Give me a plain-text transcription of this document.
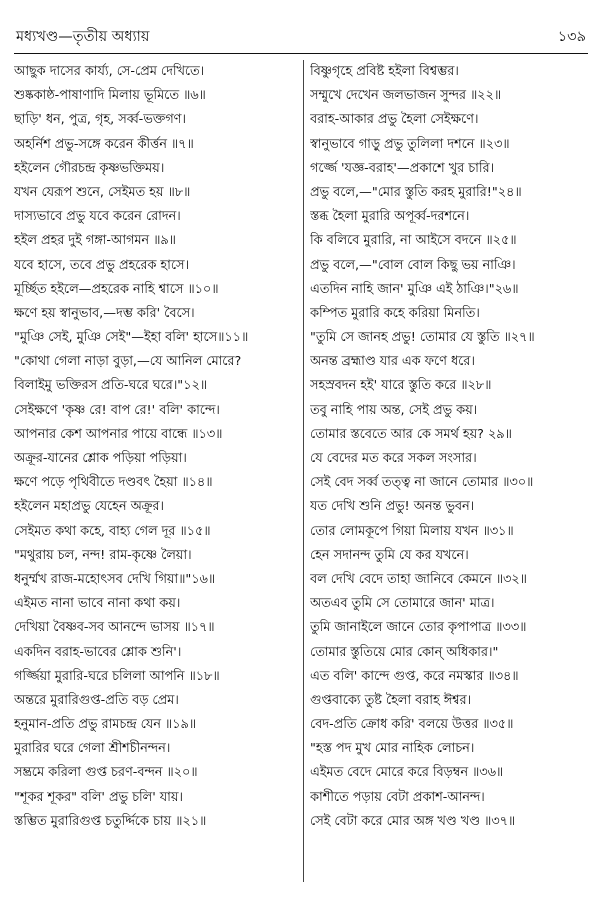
মধ্যখণ্ড—তৃতীয় অধ্যায়	১৩৯
আছুক দাসের কার্য্য, সে-প্রেম দেখিতে।
শুষ্ককাষ্ঠ-পাষাণাদি মিলায় ভূমিতে ॥৬॥
ছাড়ি' ধন, পুত্র, গৃহ, সর্ব্ব-ভক্তগণ।
অহর্নিশ প্রভু-সঙ্গে করেন কীর্ত্তন ॥৭॥
হইলেন গৌরচন্দ্র কৃষ্ণভক্তিময়।
যখন যেরূপ শুনে, সেইমত হয় ॥৮॥
দাস্যভাবে প্রভু যবে করেন রোদন।
হইল প্রহর দুই গঙ্গা-আগমন ॥৯॥
যবে হাসে, তবে প্রভু প্রহরেক হাসে।
মূর্চ্ছিত হইলে—প্রহরেক নাহি শ্বাসে ॥১০॥
ক্ষণে হয় স্বানুভাব,—দম্ভ করি' বৈসে।
"মুঞি সেই, মুঞি সেই"—ইহা বলি' হাসে॥১১॥
"কোথা গেলা নাড়া বুড়া,—যে আনিল মোরে?
বিলাইমু ভক্তিরস প্রতি-ঘরে ঘরে।"১২॥
সেইক্ষণে 'কৃষ্ণ রে! বাপ রে!' বলি' কান্দে।
আপনার কেশ আপনার পায়ে বান্ধে ॥১৩॥
অক্রূর-যানের শ্লোক পড়িয়া পড়িয়া।
ক্ষণে পড়ে পৃথিবীতে দণ্ডবৎ হৈয়া ॥১৪॥
হইলেন মহাপ্রভু যেহেন অক্রূর।
সেইমত কথা কহে, বাহ্য গেল দূর ॥১৫॥
"মথুরায় চল, নন্দ! রাম-কৃষ্ণে লৈয়া।
ধনুর্ম্মখ রাজ-মহোৎসব দেখি গিয়া॥"১৬॥
এইমত নানা ভাবে নানা কথা কয়।
দেখিয়া বৈষ্ণব-সব আনন্দে ভাসয় ॥১৭॥
একদিন বরাহ-ভাবের শ্লোক শুনি'।
গর্জ্জিয়া মুরারি-ঘরে চলিলা আপনি ॥১৮॥
অন্তরে মুরারিগুপ্ত-প্রতি বড় প্রেম।
হনুমান-প্রতি প্রভু রামচন্দ্র যেন ॥১৯॥
মুরারির ঘরে গেলা শ্রীশচীনন্দন।
সম্ভ্রমে করিলা গুপ্ত চরণ-বন্দন ॥২০॥
"শূকর শূকর" বলি' প্রভু চলি' যায়।
স্তম্ভিত মুরারিগুপ্ত চতুর্দ্দিকে চায় ॥২১॥
বিষ্ণুগৃহে প্রবিষ্ট হইলা বিশ্বম্ভর।
সম্মুখে দেখেন জলভাজন সুন্দর ॥২২॥
বরাহ-আকার প্রভু হৈলা সেইক্ষণে।
স্বানুভাবে গাড়ু প্রভু তুলিলা দশনে ॥২৩॥
গর্জ্জে 'যজ্ঞ-বরাহ'—প্রকাশে খুর চারি।
প্রভু বলে,—"মোর স্তুতি করহ মুরারি!"২৪॥
স্তব্ধ হৈলা মুরারি অপূর্ব্ব-দরশনে।
কি বলিবে মুরারি, না আইসে বদনে ॥২৫॥
প্রভু বলে,—"বোল বোল কিছু ভয় নাঞি।
এতদিন নাহি জান' মুঞি এই ঠাঞি।"২৬॥
কম্পিত মুরারি কহে করিয়া মিনতি।
"তুমি সে জানহ প্রভু! তোমার যে স্তুতি ॥২৭॥
অনন্ত ব্রহ্মাণ্ড যার এক ফণে ধরে।
সহস্রবদন হই' যারে স্তুতি করে ॥২৮॥
তবু নাহি পায় অন্ত, সেই প্রভু কয়।
তোমার স্তবেতে আর কে সমর্থ হয়? ২৯॥
যে বেদের মত করে সকল সংসার।
সেই বেদ সর্ব্ব তত্ত্ব না জানে তোমার ॥৩০॥
যত দেখি শুনি প্রভু! অনন্ত ভুবন।
তোর লোমকূপে গিয়া মিলায় যখন ॥৩১॥
হেন সদানন্দ তুমি যে কর যখনে।
বল দেখি বেদে তাহা জানিবে কেমনে ॥৩২॥
অতএব তুমি সে তোমারে জান' মাত্র।
তুমি জানাইলে জানে তোর কৃপাপাত্র ॥৩৩॥
তোমার স্তুতিয়ে মোর কোন্ অধিকার।"
এত বলি' কান্দে গুপ্ত, করে নমস্কার ॥৩৪॥
গুপ্তবাক্যে তুষ্ট হৈলা বরাহ ঈশ্বর।
বেদ-প্রতি ক্রোধ করি' বলয়ে উত্তর ॥৩৫॥
"হস্ত পদ মুখ মোর নাহিক লোচন।
এইমত বেদে মোরে করে বিড়ম্বন ॥৩৬॥
কাশীতে পড়ায় বেটা প্রকাশ-আনন্দ।
সেই বেটা করে মোর অঙ্গ খণ্ড খণ্ড ॥৩৭॥
